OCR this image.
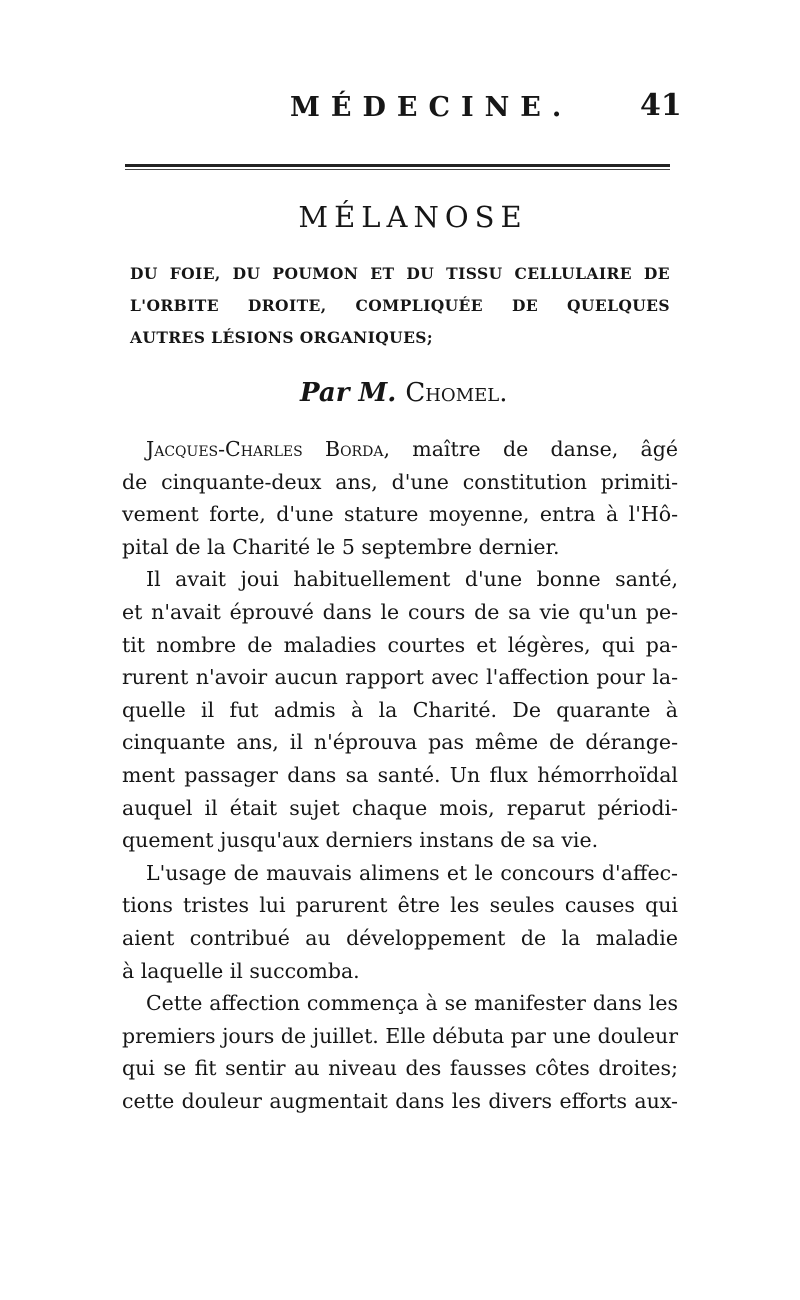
MÉDECINE. 41
MÉLANOSE
DU FOIE, DU POUMON ET DU TISSU CELLULAIRE DE
L'ORBITE DROITE, COMPLIQUÉE DE QUELQUES
AUTRES LÉSIONS ORGANIQUES;
Par M. Chomel.
Jacques-Charles Borda, maître de danse, âgé
de cinquante-deux ans, d'une constitution primiti-
vement forte, d'une stature moyenne, entra à l'Hô-
pital de la Charité le 5 septembre dernier.
Il avait joui habituellement d'une bonne santé,
et n'avait éprouvé dans le cours de sa vie qu'un pe-
tit nombre de maladies courtes et légères, qui pa-
rurent n'avoir aucun rapport avec l'affection pour la-
quelle il fut admis à la Charité. De quarante à
cinquante ans, il n'éprouva pas même de dérange-
ment passager dans sa santé. Un flux hémorrhoïdal
auquel il était sujet chaque mois, reparut périodi-
quement jusqu'aux derniers instans de sa vie.
L'usage de mauvais alimens et le concours d'affec-
tions tristes lui parurent être les seules causes qui
aient contribué au développement de la maladie
à laquelle il succomba.
Cette affection commença à se manifester dans les
premiers jours de juillet. Elle débuta par une douleur
qui se fit sentir au niveau des fausses côtes droites;
cette douleur augmentait dans les divers efforts aux-
